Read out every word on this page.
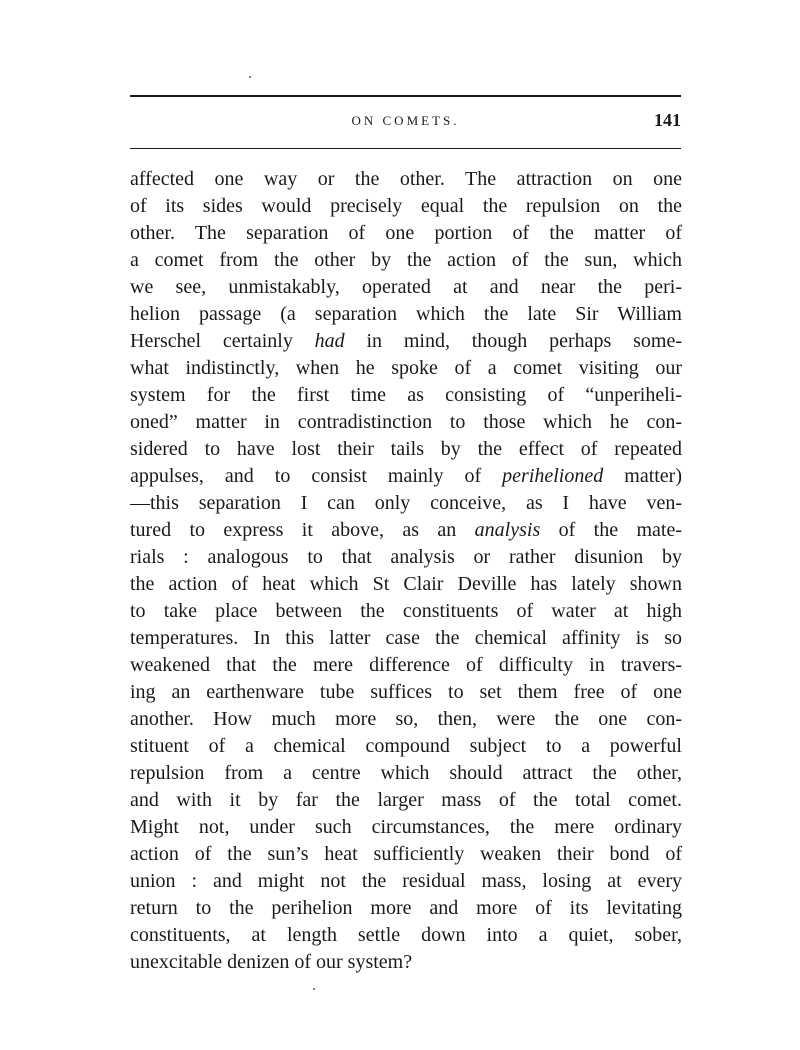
ON COMETS.	141
affected one way or the other. The attraction on one
of its sides would precisely equal the repulsion on the
other. The separation of one portion of the matter of
a comet from the other by the action of the sun, which
we see, unmistakably, operated at and near the peri-
helion passage (a separation which the late Sir William
Herschel certainly had in mind, though perhaps some-
what indistinctly, when he spoke of a comet visiting our
system for the first time as consisting of “unperiheli-
oned” matter in contradistinction to those which he con-
sidered to have lost their tails by the effect of repeated
appulses, and to consist mainly of perihelioned matter)
—this separation I can only conceive, as I have ven-
tured to express it above, as an analysis of the mate-
rials : analogous to that analysis or rather disunion by
the action of heat which St Clair Deville has lately shown
to take place between the constituents of water at high
temperatures. In this latter case the chemical affinity is so
weakened that the mere difference of difficulty in travers-
ing an earthenware tube suffices to set them free of one
another. How much more so, then, were the one con-
stituent of a chemical compound subject to a powerful
repulsion from a centre which should attract the other,
and with it by far the larger mass of the total comet.
Might not, under such circumstances, the mere ordinary
action of the sun’s heat sufficiently weaken their bond of
union : and might not the residual mass, losing at every
return to the perihelion more and more of its levitating
constituents, at length settle down into a quiet, sober,
unexcitable denizen of our system?
